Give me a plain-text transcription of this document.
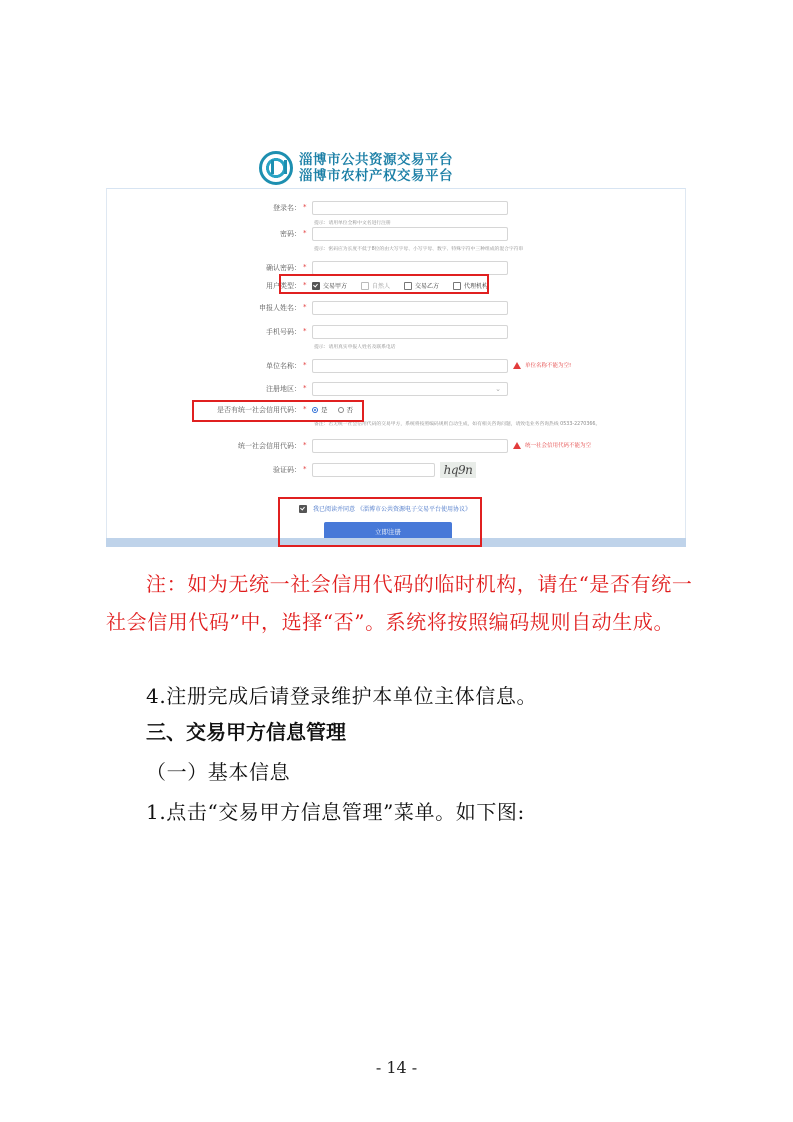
淄博市公共资源交易平台
淄博市农村产权交易平台
登录名： *
提示：请用单位全称中文名进行注册
密码： *
提示：密码应为长度不低于8位的由大写字母、小写字母、数字、特殊字符中三种组成的混合字符串
确认密码： *
用户类型： *	交易甲方	自然人	交易乙方	代理机构
申报人姓名： *
手机号码： *
提示：请用真实申报人姓名及联系电话
单位名称： *	单位名称不能为空!
注册地区： *	⌄
是否有统一社会信用代码： * 是	否
备注：若无统一社会信用代码的交易甲方，系统将按照编码规则自动生成，如有相关咨询问题，请致电业务咨询热线 0533-2270366。
统一社会信用代码： *	统一社会信用代码不能为空
验证码： *	hq9n
我已阅读并同意 《淄博市公共资源电子交易平台使用协议》
立即注册
注：如为无统一社会信用代码的临时机构，请在“是否有统一社会信用代码”中，选择“否”。系统将按照编码规则自动生成。
4.注册完成后请登录维护本单位主体信息。
三、交易甲方信息管理
（一）基本信息
1.点击“交易甲方信息管理”菜单。如下图:
- 14 -
